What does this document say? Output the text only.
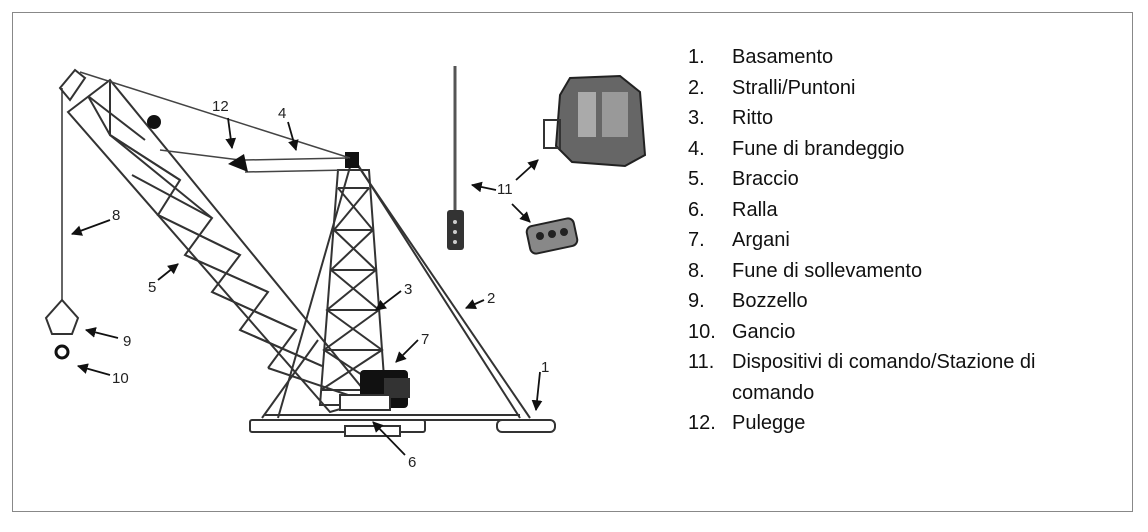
1
2
3
4
5
6
7
8
9
10
11
12
1.	Basamento
2.	Stralli/Puntoni
3.	Ritto
4.	Fune di brandeggio
5.	Braccio
6.	Ralla
7.	Argani
8.	Fune di sollevamento
9.	Bozzello
10. Gancio
11. Dispositivi di comando/Stazione di comando
12. Pulegge
